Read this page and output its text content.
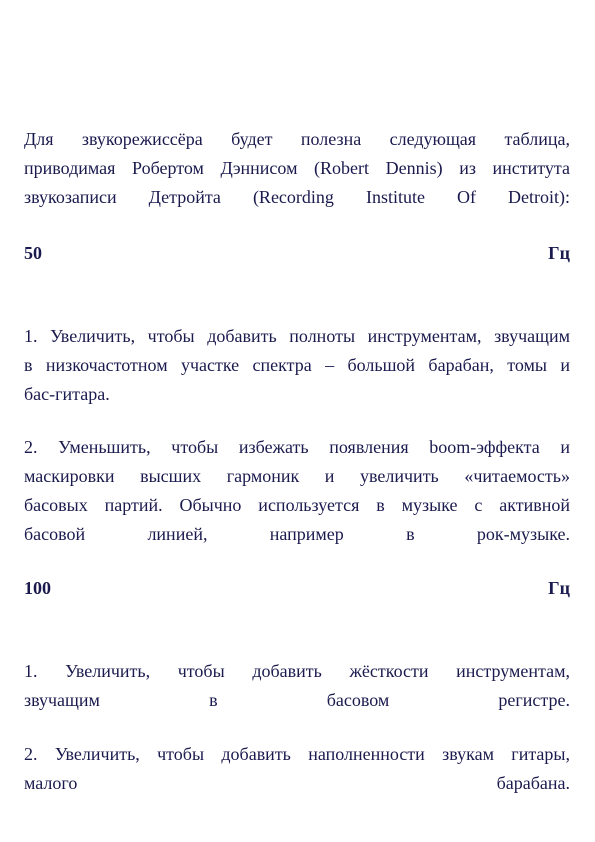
Для звукорежиссёра будет полезна следующая таблица,
приводимая Робертом Дэннисом (Robert Dennis) из института
звукозаписи Детройта (Recording Institute Of Detroit):
50	Гц
1. Увеличить, чтобы добавить полноты инструментам, звучащим
в низкочастотном участке спектра – большой барабан, томы и
бас-гитара.
2. Уменьшить, чтобы избежать появления boom-эффекта и
маскировки высших гармоник и увеличить «читаемость»
басовых партий. Обычно используется в музыке с активной
басовой линией, например в рок-музыке.
100	Гц
1. Увеличить, чтобы добавить жёсткости инструментам,
звучащим в басовом регистре.
2. Увеличить, чтобы добавить наполненности звукам гитары,
малого барабана.
